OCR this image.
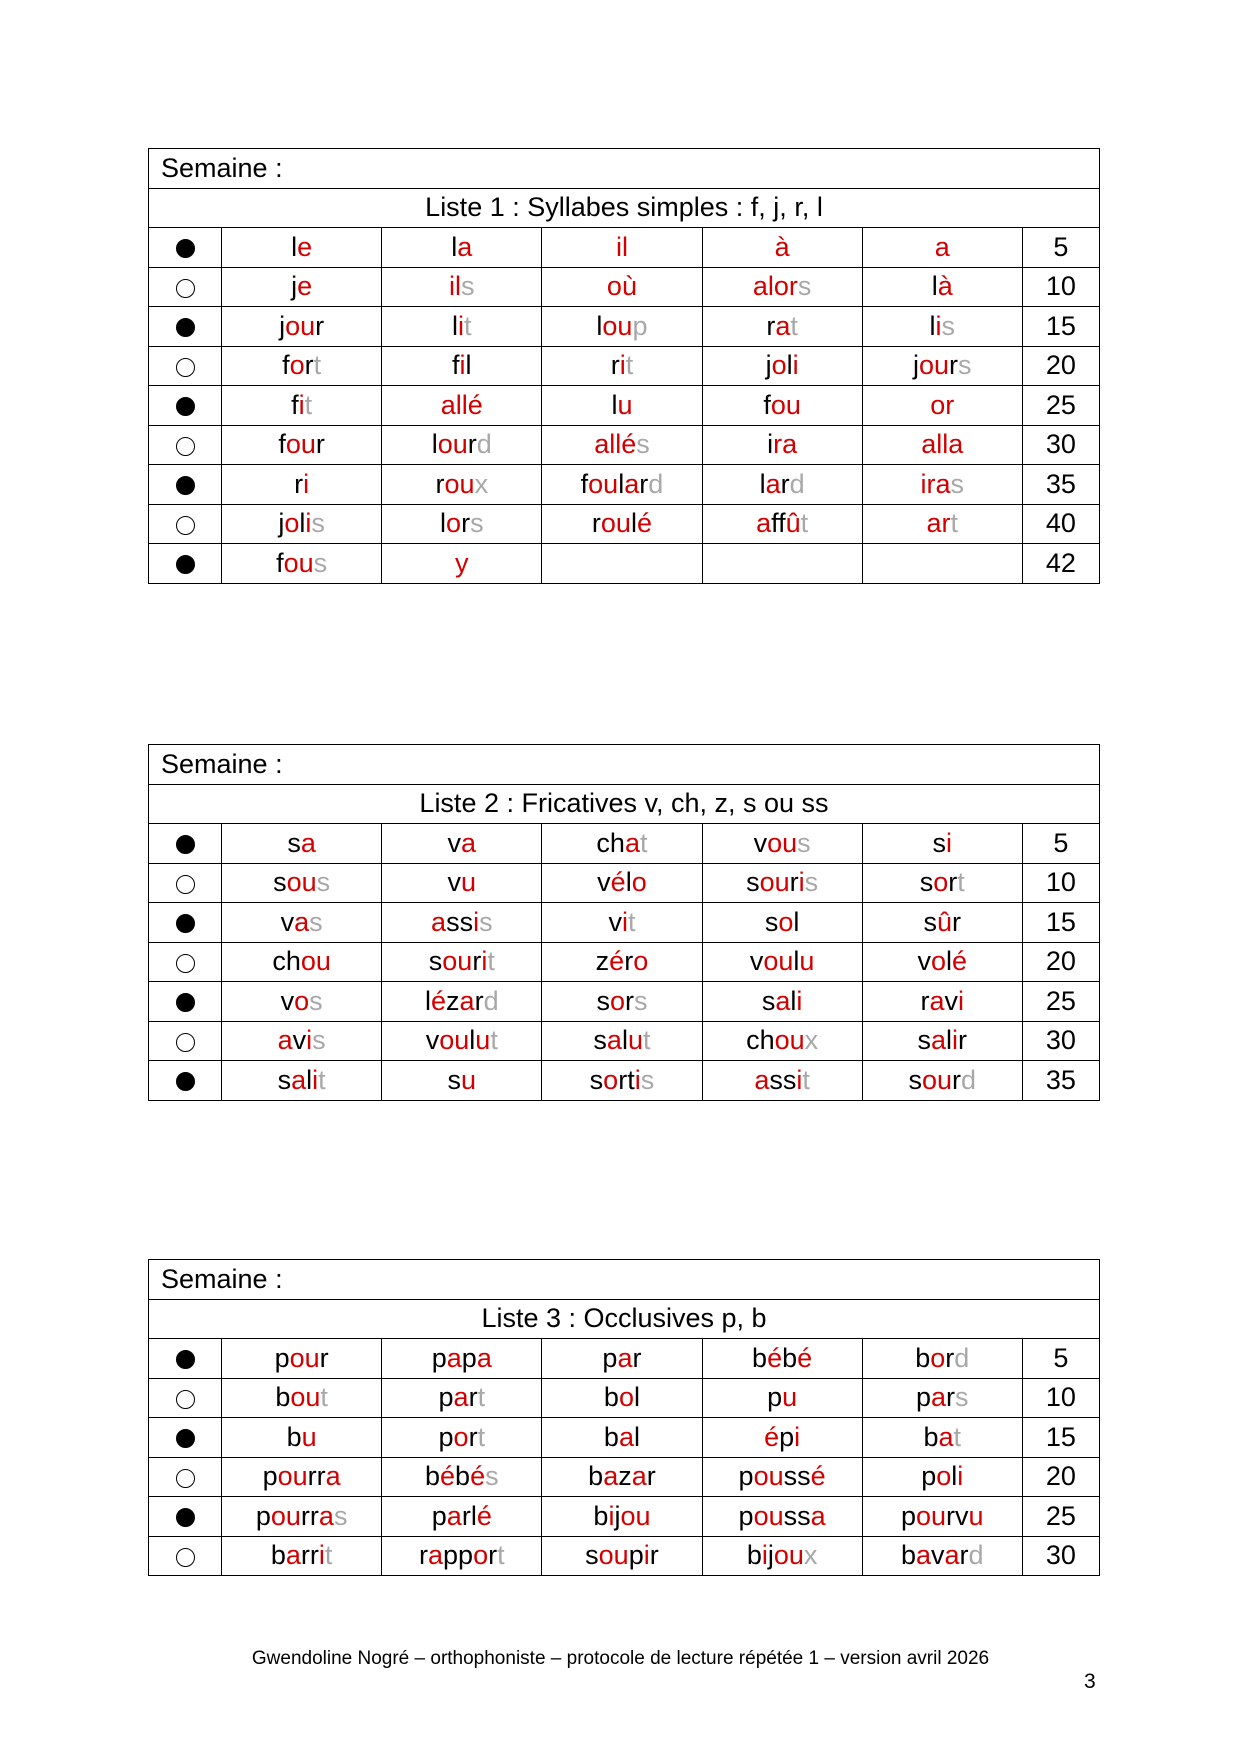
Semaine :						
Liste 1 : Syllabes simples : f, j, r, l						
	le	la	il	à	a	5
	je	ils	où	alors	là	10
	jour	lit	loup	rat	lis	15
	fort	fil	rit	joli	jours	20
	fit	allé	lu	fou	or	25
	four	lourd	allés	ira	alla	30
	ri	roux	foulard	lard	iras	35
	jolis	lors	roulé	affût	art	40
	fous	y				42
Semaine :						
Liste 2 : Fricatives v, ch, z, s ou ss						
	sa	va	chat	vous	si	5
	sous	vu	vélo	souris	sort	10
	vas	assis	vit	sol	sûr	15
	chou	sourit	zéro	voulu	volé	20
	vos	lézard	sors	sali	ravi	25
	avis	voulut	salut	choux	salir	30
	salit	su	sortis	assit	sourd	35
Semaine :						
Liste 3 : Occlusives p, b						
	pour	papa	par	bébé	bord	5
	bout	part	bol	pu	pars	10
	bu	port	bal	épi	bat	15
	pourra	bébés	bazar	poussé	poli	20
	pourras	parlé	bijou	poussa	pourvu	25
	barrit	rapport	soupir	bijoux	bavard	30
Gwendoline Nogré – orthophoniste – protocole de lecture répétée 1 – version avril 2026
3
